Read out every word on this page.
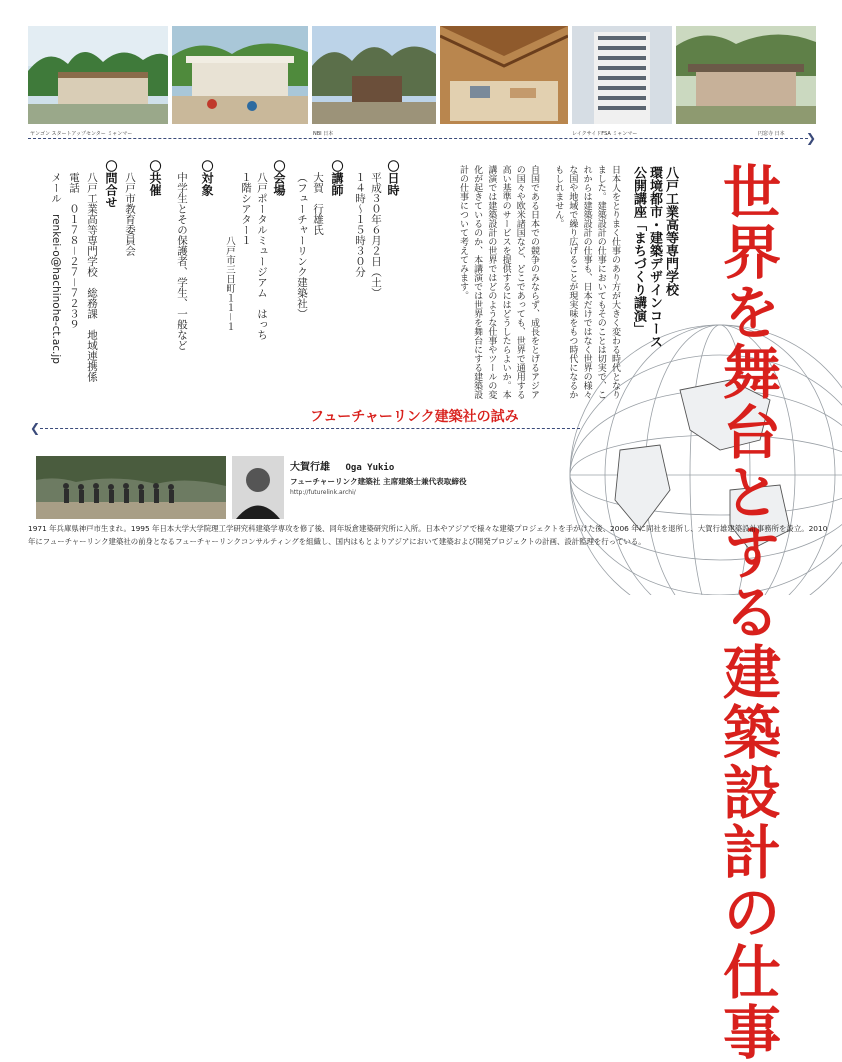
ヤンゴン スタートアップセンター ミャンマー	NBI 日本	レイクサイドFSA ミャンマー	円窓寺 日本 ❯
世界を舞台とする建築設計の仕事
八戸工業高等専門学校
環境都市・建築デザインコース
公開講座「まちづくり講演」

日本人をとりまく仕事のあり方が大きく変わる時代となりました。建築設計の仕事においてもそのことは切実で、これからは建築設計の仕事も、日本だけではなく世界の様々な国や地域で繰り広げることが現実味をもつ時代になるかもしれません。

自国である日本での競争のみならず、成長をとげるアジアの国々や欧米諸国など、どこであっても、世界で通用する高い基準のサービスを提供するにはどうしたらよいか。本講演では建築設計の世界ではどのような仕事やツールの変化が起きているのか、本講演では世界を舞台にする建築設計の仕事について考えてみます。

〇日時
平成３０年６月２日（土）
１４時〜１５時３０分
〇講師
大賀　行雄氏
（フューチャーリンク建築社）
〇会場
八戸ポータルミュージアム　はっち
１階シアター１
八戸市三日町１１－１
〇対象
中学生とその保護者、学生、一般など
〇共催
八戸市教育委員会
〇問合せ
八戸工業高等専門学校　総務課　地域連携係
電話　０１７８－２７－７２３９
メール　renkei-o@hachinohe-ct.ac.jp
❮
フューチャーリンク建築社の試み
大賀行雄 Oga Yukio
フューチャーリンク建築社 主席建築士兼代表取締役
http://futurelink.archi/
1971 年兵庫県神戸市生まれ。1995 年日本大学大学院理工学研究科建築学専攻を修了後、同年坂倉建築研究所に入所。日本やアジアで様々な建築プロジェクトを手がけた後、2006 年に同社を退所し、大賀行雄建築設計事務所を設立。2010 年にフューチャーリンク建築社の前身となるフューチャーリンクコンサルティングを組織し、国内はもとよりアジアにおいて建築および開発プロジェクトの計画、設計監理を行っている。
